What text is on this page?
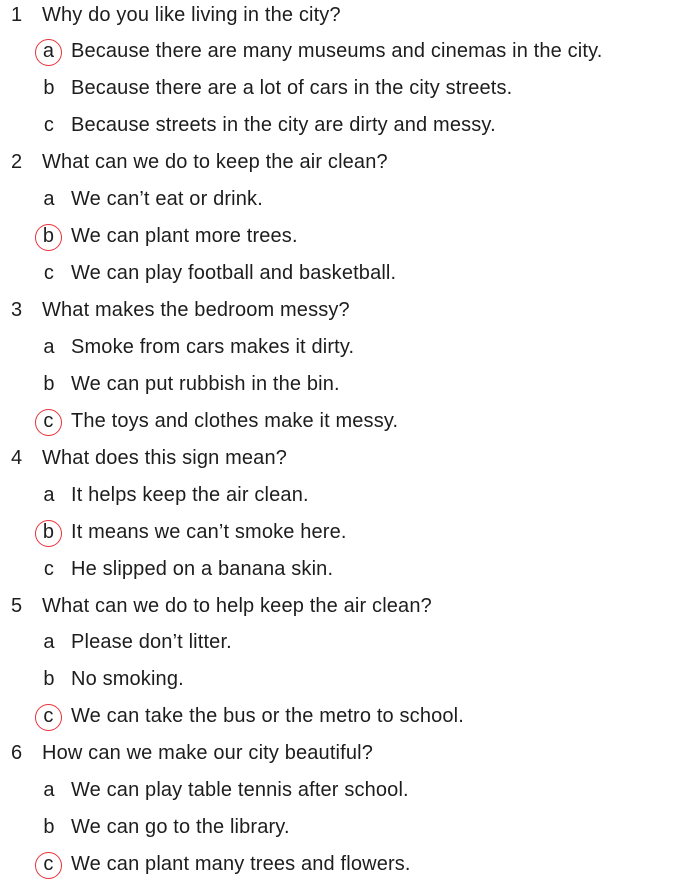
1 Why do you like living in the city?
a Because there are many museums and cinemas in the city.
b Because there are a lot of cars in the city streets.
c Because streets in the city are dirty and messy.
2 What can we do to keep the air clean?
a We can’t eat or drink.
b We can plant more trees.
c We can play football and basketball.
3 What makes the bedroom messy?
a Smoke from cars makes it dirty.
b We can put rubbish in the bin.
c The toys and clothes make it messy.
4 What does this sign mean?
a It helps keep the air clean.
b It means we can’t smoke here.
c He slipped on a banana skin.
5 What can we do to help keep the air clean?
a Please don’t litter.
b No smoking.
c We can take the bus or the metro to school.
6 How can we make our city beautiful?
a We can play table tennis after school.
b We can go to the library.
c We can plant many trees and flowers.
